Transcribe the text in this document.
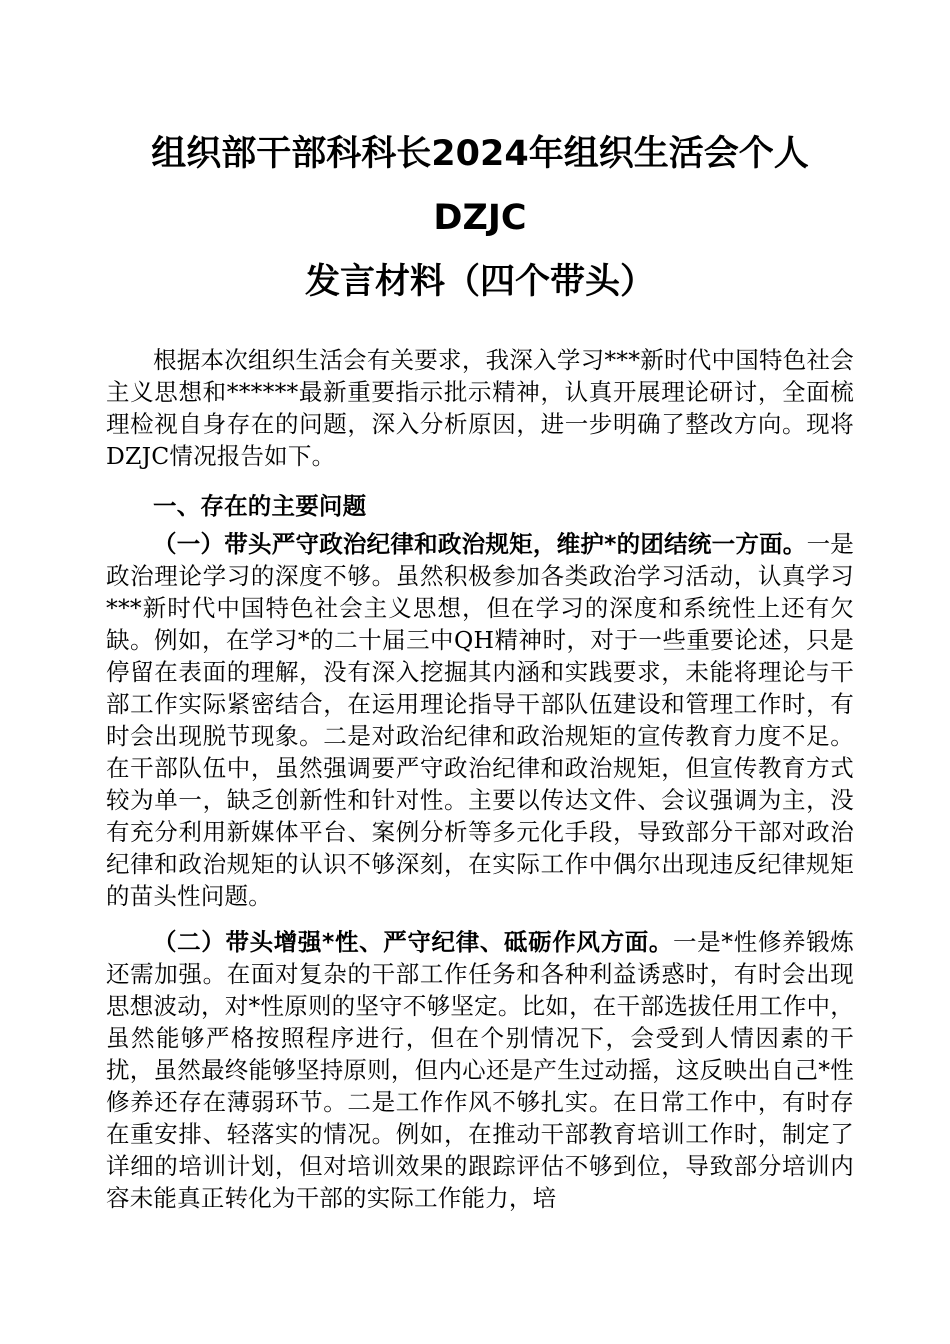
组织部干部科科长2024年组织生活会个人DZJC
发言材料（四个带头）

根据本次组织生活会有关要求，我深入学习***新时代中国特色社会主义思想和******最新重要指示批示精神，认真开展理论研讨，全面梳理检视自身存在的问题，深入分析原因，进一步明确了整改方向。现将DZJC情况报告如下。

一、存在的主要问题

（一）带头严守政治纪律和政治规矩，维护*的团结统一方面。一是政治理论学习的深度不够。虽然积极参加各类政治学习活动，认真学习***新时代中国特色社会主义思想，但在学习的深度和系统性上还有欠缺。例如，在学习*的二十届三中QH精神时，对于一些重要论述，只是停留在表面的理解，没有深入挖掘其内涵和实践要求，未能将理论与干部工作实际紧密结合，在运用理论指导干部队伍建设和管理工作时，有时会出现脱节现象。二是对政治纪律和政治规矩的宣传教育力度不足。在干部队伍中，虽然强调要严守政治纪律和政治规矩，但宣传教育方式较为单一，缺乏创新性和针对性。主要以传达文件、会议强调为主，没有充分利用新媒体平台、案例分析等多元化手段，导致部分干部对政治纪律和政治规矩的认识不够深刻，在实际工作中偶尔出现违反纪律规矩的苗头性问题。

（二）带头增强*性、严守纪律、砥砺作风方面。一是*性修养锻炼还需加强。在面对复杂的干部工作任务和各种利益诱惑时，有时会出现思想波动，对*性原则的坚守不够坚定。比如，在干部选拔任用工作中，虽然能够严格按照程序进行，但在个别情况下，会受到人情因素的干扰，虽然最终能够坚持原则，但内心还是产生过动摇，这反映出自己*性修养还存在薄弱环节。二是工作作风不够扎实。在日常工作中，有时存在重安排、轻落实的情况。例如，在推动干部教育培训工作时，制定了详细的培训计划，但对培训效果的跟踪评估不够到位，导致部分培训内容未能真正转化为干部的实际工作能力，培
